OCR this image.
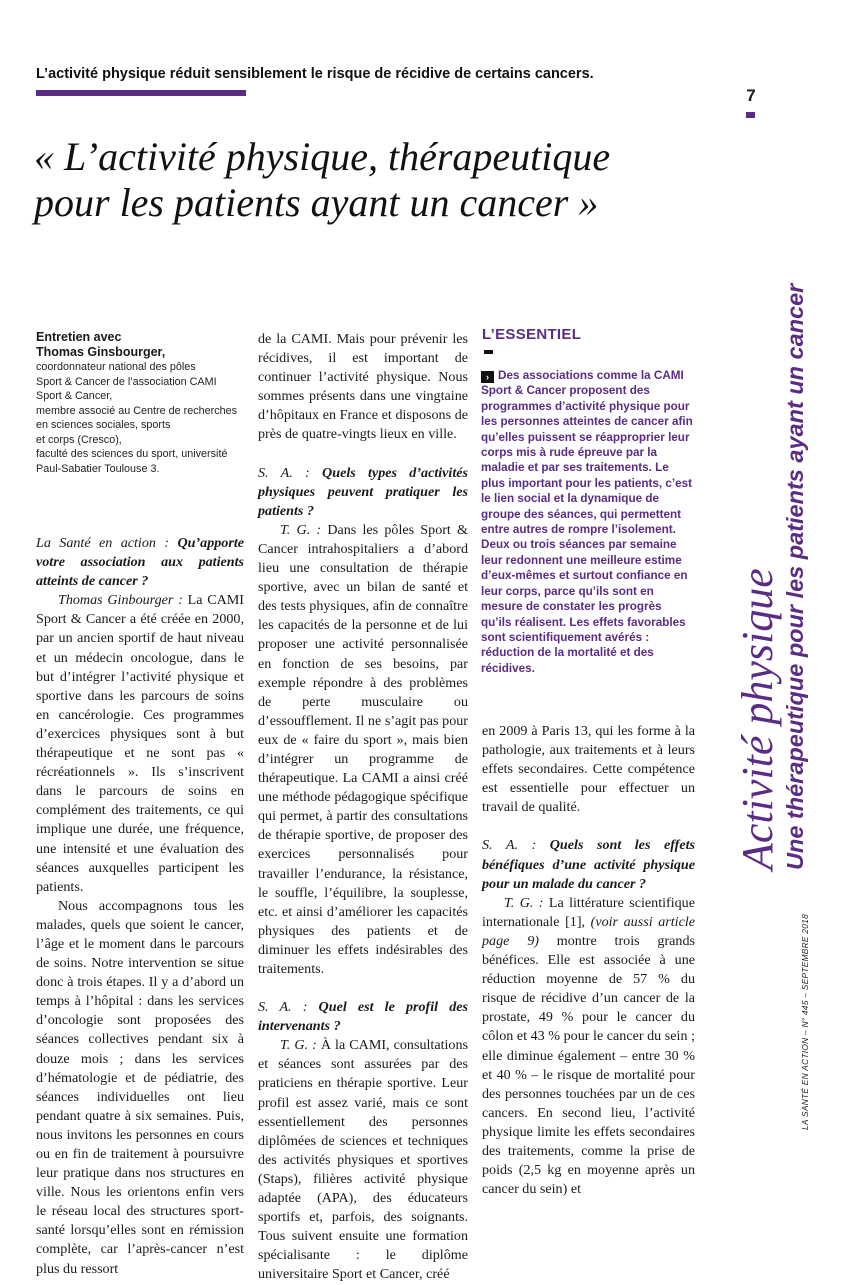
L’activité physique réduit sensiblement le risque de récidive de certains cancers.
7
« L’activité physique, thérapeutique
pour les patients ayant un cancer »
Entretien avec
Thomas Ginsbourger,
coordonnateur national des pôles
Sport & Cancer de l’association CAMI Sport & Cancer,
membre associé au Centre de recherches en sciences sociales, sports
et corps (Cresco),
faculté des sciences du sport, université Paul-Sabatier Toulouse 3.

La Santé en action : Qu’apporte votre association aux patients atteints de cancer ?

Thomas Ginbourger : La CAMI Sport & Cancer a été créée en 2000, par un ancien sportif de haut niveau et un médecin oncologue, dans le but d’intégrer l’activité physique et sportive dans les parcours de soins en cancérologie. Ces programmes d’exercices physiques sont à but thérapeutique et ne sont pas « récréationnels ». Ils s’inscrivent dans le parcours de soins en complément des traitements, ce qui implique une durée, une fréquence, une intensité et une évaluation des séances auxquelles participent les patients.

Nous accompagnons tous les malades, quels que soient le cancer, l’âge et le moment dans le parcours de soins. Notre intervention se situe donc à trois étapes. Il y a d’abord un temps à l’hôpital : dans les services d’oncologie sont proposées des séances collectives pendant six à douze mois ; dans les services d’hématologie et de pédiatrie, des séances individuelles ont lieu pendant quatre à six semaines. Puis, nous invitons les personnes en cours ou en fin de traitement à poursuivre leur pratique dans nos structures en ville. Nous les orientons enfin vers le réseau local des structures sport-santé lorsqu’elles sont en rémission complète, car l’après-cancer n’est plus du ressort

de la CAMI. Mais pour prévenir les récidives, il est important de continuer l’activité physique. Nous sommes présents dans une vingtaine d’hôpitaux en France et disposons de près de quatre-vingts lieux en ville.

S. A. : Quels types d’activités physiques peuvent pratiquer les patients ?

T. G. : Dans les pôles Sport & Cancer intrahospitaliers a d’abord lieu une consultation de thérapie sportive, avec un bilan de santé et des tests physiques, afin de connaître les capacités de la personne et de lui proposer une activité personnalisée en fonction de ses besoins, par exemple répondre à des problèmes de perte musculaire ou d’essoufflement. Il ne s’agit pas pour eux de « faire du sport », mais bien d’intégrer un programme de thérapeutique. La CAMI a ainsi créé une méthode pédagogique spécifique qui permet, à partir des consultations de thérapie sportive, de proposer des exercices personnalisés pour travailler l’endurance, la résistance, le souffle, l’équilibre, la souplesse, etc. et ainsi d’améliorer les capacités physiques des patients et de diminuer les effets indésirables des traitements.

S. A. : Quel est le profil des intervenants ?

T. G. : À la CAMI, consultations et séances sont assurées par des praticiens en thérapie sportive. Leur profil est assez varié, mais ce sont essentiellement des personnes diplômées de sciences et techniques des activités physiques et sportives (Staps), filières activité physique adaptée (APA), des éducateurs sportifs et, parfois, des soignants. Tous suivent ensuite une formation spécialisante : le diplôme universitaire Sport et Cancer, créé

L’ESSENTIEL
› Des associations comme la CAMI Sport & Cancer proposent des programmes d’activité physique pour les personnes atteintes de cancer afin qu’elles puissent se réapproprier leur corps mis à rude épreuve par la maladie et par ses traitements. Le plus important pour les patients, c’est le lien social et la dynamique de groupe des séances, qui permettent entre autres de rompre l’isolement. Deux ou trois séances par semaine leur redonnent une meilleure estime d’eux-mêmes et surtout confiance en leur corps, parce qu’ils sont en mesure de constater les progrès qu’ils réalisent. Les effets favorables sont scientifiquement avérés : réduction de la mortalité et des récidives.

en 2009 à Paris 13, qui les forme à la pathologie, aux traitements et à leurs effets secondaires. Cette compétence est essentielle pour effectuer un travail de qualité.

S. A. : Quels sont les effets bénéfiques d’une activité physique pour un malade du cancer ?

T. G. : La littérature scientifique internationale [1], (voir aussi article page 9) montre trois grands bénéfices. Elle est associée à une réduction moyenne de 57 % du risque de récidive d’un cancer de la prostate, 49 % pour le cancer du côlon et 43 % pour le cancer du sein ; elle diminue également – entre 30 % et 40 % – le risque de mortalité pour des personnes touchées par un de ces cancers. En second lieu, l’activité physique limite les effets secondaires des traitements, comme la prise de poids (2,5 kg en moyenne après un cancer du sein) et

Activité physique Une thérapeutique pour les patients ayant un cancer
LA SANTÉ EN ACTION – N° 445 – SEPTEMBRE 2018
